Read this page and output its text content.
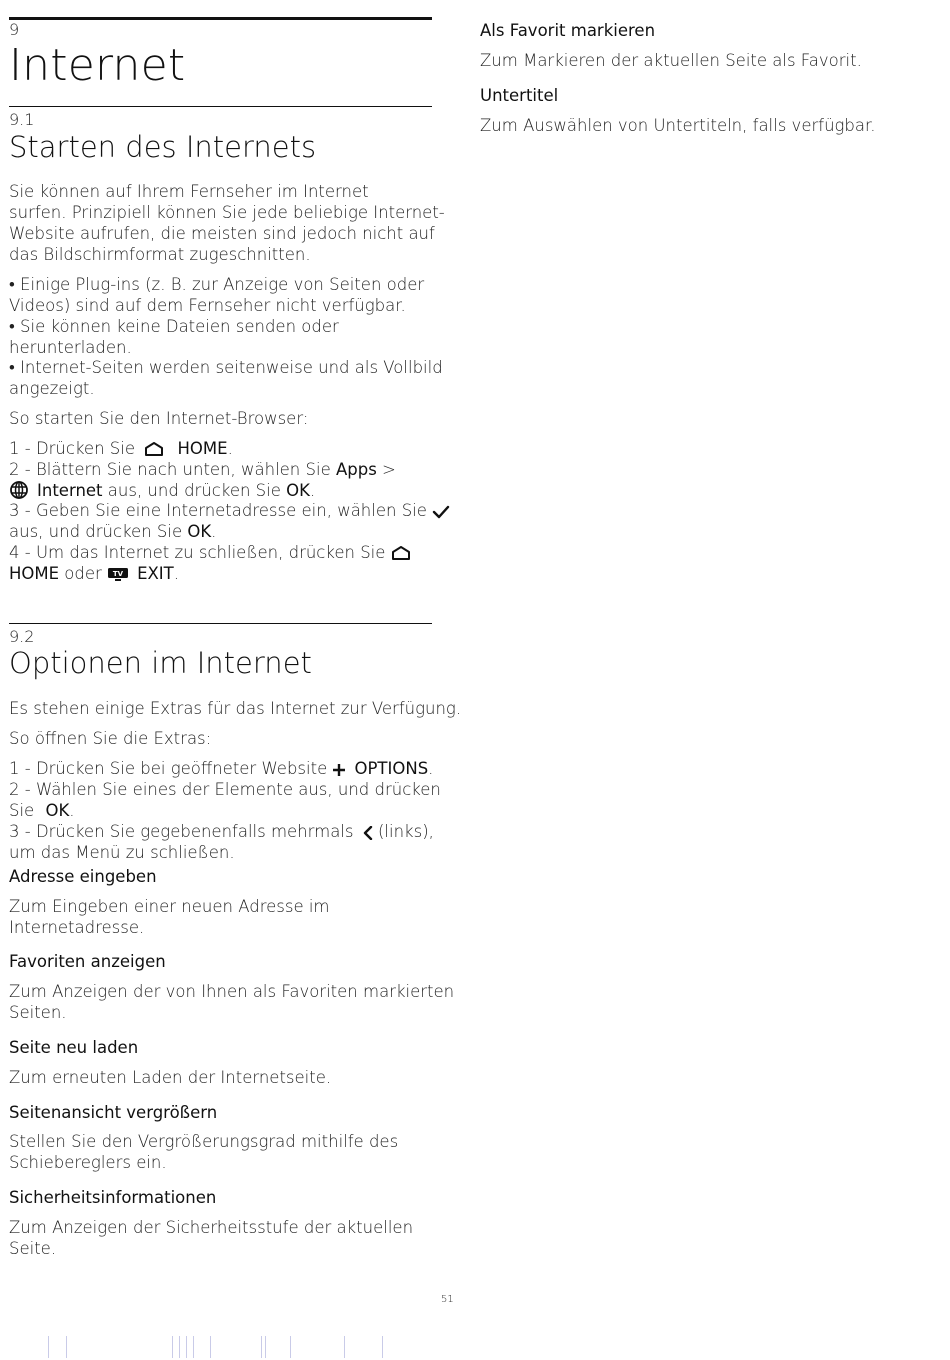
9
Internet
9.1
Starten des Internets
Sie können auf Ihrem Fernseher im Internet
surfen. Prinzipiell können Sie jede beliebige Internet-
Website aufrufen, die meisten sind jedoch nicht auf
das Bildschirmformat zugeschnitten.
• Einige Plug-ins (z. B. zur Anzeige von Seiten oder
Videos) sind auf dem Fernseher nicht verfügbar.
• Sie können keine Dateien senden oder
herunterladen.
• Internet-Seiten werden seitenweise und als Vollbild
angezeigt.
So starten Sie den Internet-Browser:
1 - Drücken Sie  HOME.
2 - Blättern Sie nach unten, wählen Sie Apps >
Internet aus, und drücken Sie OK.
3 - Geben Sie eine Internetadresse ein, wählen Sie
aus, und drücken Sie OK.
4 - Um das Internet zu schließen, drücken Sie
HOME oder TV EXIT.
9.2
Optionen im Internet
Es stehen einige Extras für das Internet zur Verfügung.
So öffnen Sie die Extras:
1 - Drücken Sie bei geöffneter Website OPTIONS.
2 - Wählen Sie eines der Elemente aus, und drücken
Sie OK.
3 - Drücken Sie gegebenenfalls mehrmals  (links),
um das Menü zu schließen.
Adresse eingeben
Zum Eingeben einer neuen Adresse im
Internetadresse.
Favoriten anzeigen
Zum Anzeigen der von Ihnen als Favoriten markierten
Seiten.
Seite neu laden
Zum erneuten Laden der Internetseite.
Seitenansicht vergrößern
Stellen Sie den Vergrößerungsgrad mithilfe des
Schiebereglers ein.
Sicherheitsinformationen
Zum Anzeigen der Sicherheitsstufe der aktuellen
Seite.
Als Favorit markieren
Zum Markieren der aktuellen Seite als Favorit.
Untertitel
Zum Auswählen von Untertiteln, falls verfügbar.
51
